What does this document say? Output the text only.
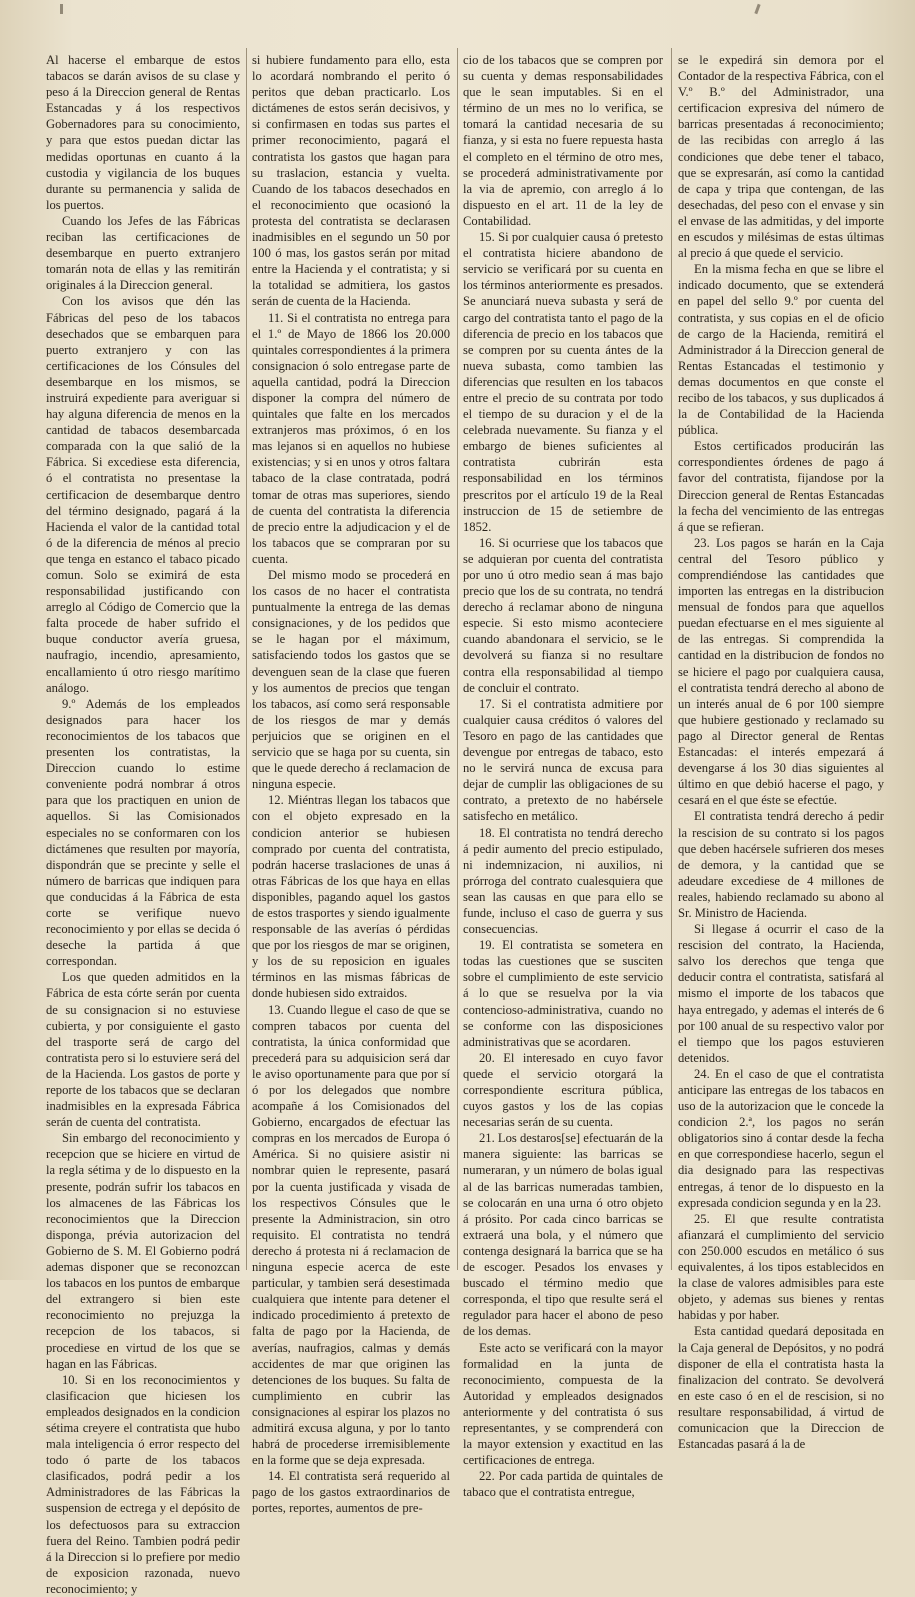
Al hacerse el embarque de estos tabacos se darán avisos de su clase y peso á la Direccion general de Rentas Estancadas y á los respectivos Gobernadores para su conocimiento, y para que estos puedan dictar las medidas oportunas en cuanto á la custodia y vigilancia de los buques durante su permanencia y salida de los puertos.

Cuando los Jefes de las Fábricas reciban las certificaciones de desembarque en puerto extranjero tomarán nota de ellas y las remitirán originales á la Direccion general.

Con los avisos que dén las Fábricas del peso de los tabacos desechados que se embarquen para puerto extranjero y con las certificaciones de los Cónsules del desembarque en los mismos, se instruirá expediente para averiguar si hay alguna diferencia de menos en la cantidad de tabacos desembarcada comparada con la que salió de la Fábrica. Si excediese esta diferencia, ó el contratista no presentase la certificacion de desembarque dentro del término designado, pagará á la Hacienda el valor de la cantidad total ó de la diferencia de ménos al precio que tenga en estanco el tabaco picado comun. Solo se eximirá de esta responsabilidad justificando con arreglo al Código de Comercio que la falta procede de haber sufrido el buque conductor avería gruesa, naufragio, incendio, apresamiento, encallamiento ú otro riesgo marítimo análogo.

9.º Además de los empleados designados para hacer los reconocimientos de los tabacos que presenten los contratistas, la Direccion cuando lo estime conveniente podrá nombrar á otros para que los practiquen en union de aquellos. Si las Comisionados especiales no se conformaren con los dictámenes que resulten por mayoría, dispondrán que se precinte y selle el número de barricas que indiquen para que conducidas á la Fábrica de esta corte se verifique nuevo reconocimiento y por ellas se decida ó deseche la partida á que correspondan.

Los que queden admitidos en la Fábrica de esta córte serán por cuenta de su consignacion si no estuviese cubierta, y por consiguiente el gasto del trasporte será de cargo del contratista pero si lo estuviere será del de la Hacienda. Los gastos de porte y reporte de los tabacos que se declaran inadmisibles en la expresada Fábrica serán de cuenta del contratista.

Sin embargo del reconocimiento y recepcion que se hiciere en virtud de la regla sétima y de lo dispuesto en la presente, podrán sufrir los tabacos en los almacenes de las Fábricas los reconocimientos que la Direccion disponga, prévia autorizacion del Gobierno de S. M. El Gobierno podrá ademas disponer que se reconozcan los tabacos en los puntos de embarque del extrangero si bien este reconocimiento no prejuzga la recepcion de los tabacos, si procediese en virtud de los que se hagan en las Fábricas.

10. Si en los reconocimientos y clasificacion que hiciesen los empleados designados en la condicion sétima creyere el contratista que hubo mala inteligencia ó error respecto del todo ó parte de los tabacos clasificados, podrá pedir a los Administradores de las Fábricas la suspension de ectrega y el depósito de los defectuosos para su extraccion fuera del Reino. Tambien podrá pedir á la Direccion si lo prefiere por medio de exposicion razonada, nuevo reconocimiento; y

si hubiere fundamento para ello, esta lo acordará nombrando el perito ó peritos que deban practicarlo. Los dictámenes de estos serán decisivos, y si confirmasen en todas sus partes el primer reconocimiento, pagará el contratista los gastos que hagan para su traslacion, estancia y vuelta. Cuando de los tabacos desechados en el reconocimiento que ocasionó la protesta del contratista se declarasen inadmisibles en el segundo un 50 por 100 ó mas, los gastos serán por mitad entre la Hacienda y el contratista; y si la totalidad se admitiera, los gastos serán de cuenta de la Hacienda.

11. Si el contratista no entrega para el 1.º de Mayo de 1866 los 20.000 quintales correspondientes á la primera consignacion ó solo entregase parte de aquella cantidad, podrá la Direccion disponer la compra del número de quintales que falte en los mercados extranjeros mas próximos, ó en los mas lejanos si en aquellos no hubiese existencias; y si en unos y otros faltara tabaco de la clase contratada, podrá tomar de otras mas superiores, siendo de cuenta del contratista la diferencia de precio entre la adjudicacion y el de los tabacos que se compraran por su cuenta.

Del mismo modo se procederá en los casos de no hacer el contratista puntualmente la entrega de las demas consignaciones, y de los pedidos que se le hagan por el máximum, satisfaciendo todos los gastos que se devenguen sean de la clase que fueren y los aumentos de precios que tengan los tabacos, así como será responsable de los riesgos de mar y demás perjuicios que se originen en el servicio que se haga por su cuenta, sin que le quede derecho á reclamacion de ninguna especie.

12. Miéntras llegan los tabacos que con el objeto expresado en la condicion anterior se hubiesen comprado por cuenta del contratista, podrán hacerse traslaciones de unas á otras Fábricas de los que haya en ellas disponibles, pagando aquel los gastos de estos trasportes y siendo igualmente responsable de las averías ó pérdidas que por los riesgos de mar se originen, y los de su reposicion en iguales términos en las mismas fábricas de donde hubiesen sido extraidos.

13. Cuando llegue el caso de que se compren tabacos por cuenta del contratista, la única conformidad que precederá para su adquisicion será dar le aviso oportunamente para que por sí ó por los delegados que nombre acompañe á los Comisionados del Gobierno, encargados de efectuar las compras en los mercados de Europa ó América. Si no quisiere asistir ni nombrar quien le represente, pasará por la cuenta justificada y visada de los respectivos Cónsules que le presente la Administracion, sin otro requisito. El contratista no tendrá derecho á protesta ni á reclamacion de ninguna especie acerca de este particular, y tambien será desestimada cualquiera que intente para detener el indicado procedimiento á pretexto de falta de pago por la Hacienda, de averías, naufragios, calmas y demás accidentes de mar que originen las detenciones de los buques. Su falta de cumplimiento en cubrir las consignaciones al espirar los plazos no admitirá excusa alguna, y por lo tanto habrá de procederse irremisiblemente en la forme que se deja expresada.

14. El contratista será requerido al pago de los gastos extraordinarios de portes, reportes, aumentos de pre-

cio de los tabacos que se compren por su cuenta y demas responsabilidades que le sean imputables. Si en el término de un mes no lo verifica, se tomará la cantidad necesaria de su fianza, y si esta no fuere repuesta hasta el completo en el término de otro mes, se procederá administrativamente por la via de apremio, con arreglo á lo dispuesto en el art. 11 de la ley de Contabilidad.

15. Si por cualquier causa ó pretesto el contratista hiciere abandono de servicio se verificará por su cuenta en los términos anteriormente es presados. Se anunciará nueva subasta y será de cargo del contratista tanto el pago de la diferencia de precio en los tabacos que se compren por su cuenta ántes de la nueva subasta, como tambien las diferencias que resulten en los tabacos entre el precio de su contrata por todo el tiempo de su duracion y el de la celebrada nuevamente. Su fianza y el embargo de bienes suficientes al contratista cubrirán esta responsabilidad en los términos prescritos por el artículo 19 de la Real instruccion de 15 de setiembre de 1852.

16. Si ocurriese que los tabacos que se adquieran por cuenta del contratista por uno ú otro medio sean á mas bajo precio que los de su contrata, no tendrá derecho á reclamar abono de ninguna especie. Si esto mismo aconteciere cuando abandonara el servicio, se le devolverá su fianza si no resultare contra ella responsabilidad al tiempo de concluir el contrato.

17. Si el contratista admitiere por cualquier causa créditos ó valores del Tesoro en pago de las cantidades que devengue por entregas de tabaco, esto no le servirá nunca de excusa para dejar de cumplir las obligaciones de su contrato, a pretexto de no habérsele satisfecho en metálico.

18. El contratista no tendrá derecho á pedir aumento del precio estipulado, ni indemnizacion, ni auxilios, ni prórroga del contrato cualesquiera que sean las causas en que para ello se funde, incluso el caso de guerra y sus consecuencias.

19. El contratista se sometera en todas las cuestiones que se susciten sobre el cumplimiento de este servicio á lo que se resuelva por la via contencioso-administrativa, cuando no se conforme con las disposiciones administrativas que se acordaren.

20. El interesado en cuyo favor quede el servicio otorgará la correspondiente escritura pública, cuyos gastos y los de las copias necesarias serán de su cuenta.

21. Los destaros[se] efectuarán de la manera siguiente: las barricas se numeraran, y un número de bolas igual al de las barricas numeradas tambien, se colocarán en una urna ó otro objeto á prósito. Por cada cinco barricas se extraerá una bola, y el número que contenga designará la barrica que se ha de escoger. Pesados los envases y buscado el término medio que corresponda, el tipo que resulte será el regulador para hacer el abono de peso de los demas.

Este acto se verificará con la mayor formalidad en la junta de reconocimiento, compuesta de la Autoridad y empleados designados anteriormente y del contratista ó sus representantes, y se comprenderá con la mayor extension y exactitud en las certificaciones de entrega.

22. Por cada partida de quintales de tabaco que el contratista entregue,

se le expedirá sin demora por el Contador de la respectiva Fábrica, con el V.º B.º del Administrador, una certificacion expresiva del número de barricas presentadas á reconocimiento; de las recibidas con arreglo á las condiciones que debe tener el tabaco, que se expresarán, así como la cantidad de capa y tripa que contengan, de las desechadas, del peso con el envase y sin el envase de las admitidas, y del importe en escudos y milésimas de estas últimas al precio á que quede el servicio.

En la misma fecha en que se libre el indicado documento, que se extenderá en papel del sello 9.º por cuenta del contratista, y sus copias en el de oficio de cargo de la Hacienda, remitirá el Administrador á la Direccion general de Rentas Estancadas el testimonio y demas documentos en que conste el recibo de los tabacos, y sus duplicados á la de Contabilidad de la Hacienda pública.

Estos certificados producirán las correspondientes órdenes de pago á favor del contratista, fijandose por la Direccion general de Rentas Estancadas la fecha del vencimiento de las entregas á que se refieran.

23. Los pagos se harán en la Caja central del Tesoro público y comprendiéndose las cantidades que importen las entregas en la distribucion mensual de fondos para que aquellos puedan efectuarse en el mes siguiente al de las entregas. Si comprendida la cantidad en la distribucion de fondos no se hiciere el pago por cualquiera causa, el contratista tendrá derecho al abono de un interés anual de 6 por 100 siempre que hubiere gestionado y reclamado su pago al Director general de Rentas Estancadas: el interés empezará á devengarse á los 30 dias siguientes al último en que debió hacerse el pago, y cesará en el que éste se efectúe.

El contratista tendrá derecho á pedir la rescision de su contrato si los pagos que deben hacérsele sufrieren dos meses de demora, y la cantidad que se adeudare excediese de 4 millones de reales, habiendo reclamado su abono al Sr. Ministro de Hacienda.

Si llegase á ocurrir el caso de la rescision del contrato, la Hacienda, salvo los derechos que tenga que deducir contra el contratista, satisfará al mismo el importe de los tabacos que haya entregado, y ademas el interés de 6 por 100 anual de su respectivo valor por el tiempo que los pagos estuvieren detenidos.

24. En el caso de que el contratista anticipare las entregas de los tabacos en uso de la autorizacion que le concede la condicion 2.ª, los pagos no serán obligatorios sino á contar desde la fecha en que correspondiese hacerlo, segun el dia designado para las respectivas entregas, á tenor de lo dispuesto en la expresada condicion segunda y en la 23.

25. El que resulte contratista afianzará el cumplimiento del servicio con 250.000 escudos en metálico ó sus equivalentes, á los tipos establecidos en la clase de valores admisibles para este objeto, y ademas sus bienes y rentas habidas y por haber.

Esta cantidad quedará depositada en la Caja general de Depósitos, y no podrá disponer de ella el contratista hasta la finalizacion del contrato. Se devolverá en este caso ó en el de rescision, si no resultare responsabilidad, á virtud de comunicacion que la Direccion de Estancadas pasará á la de
